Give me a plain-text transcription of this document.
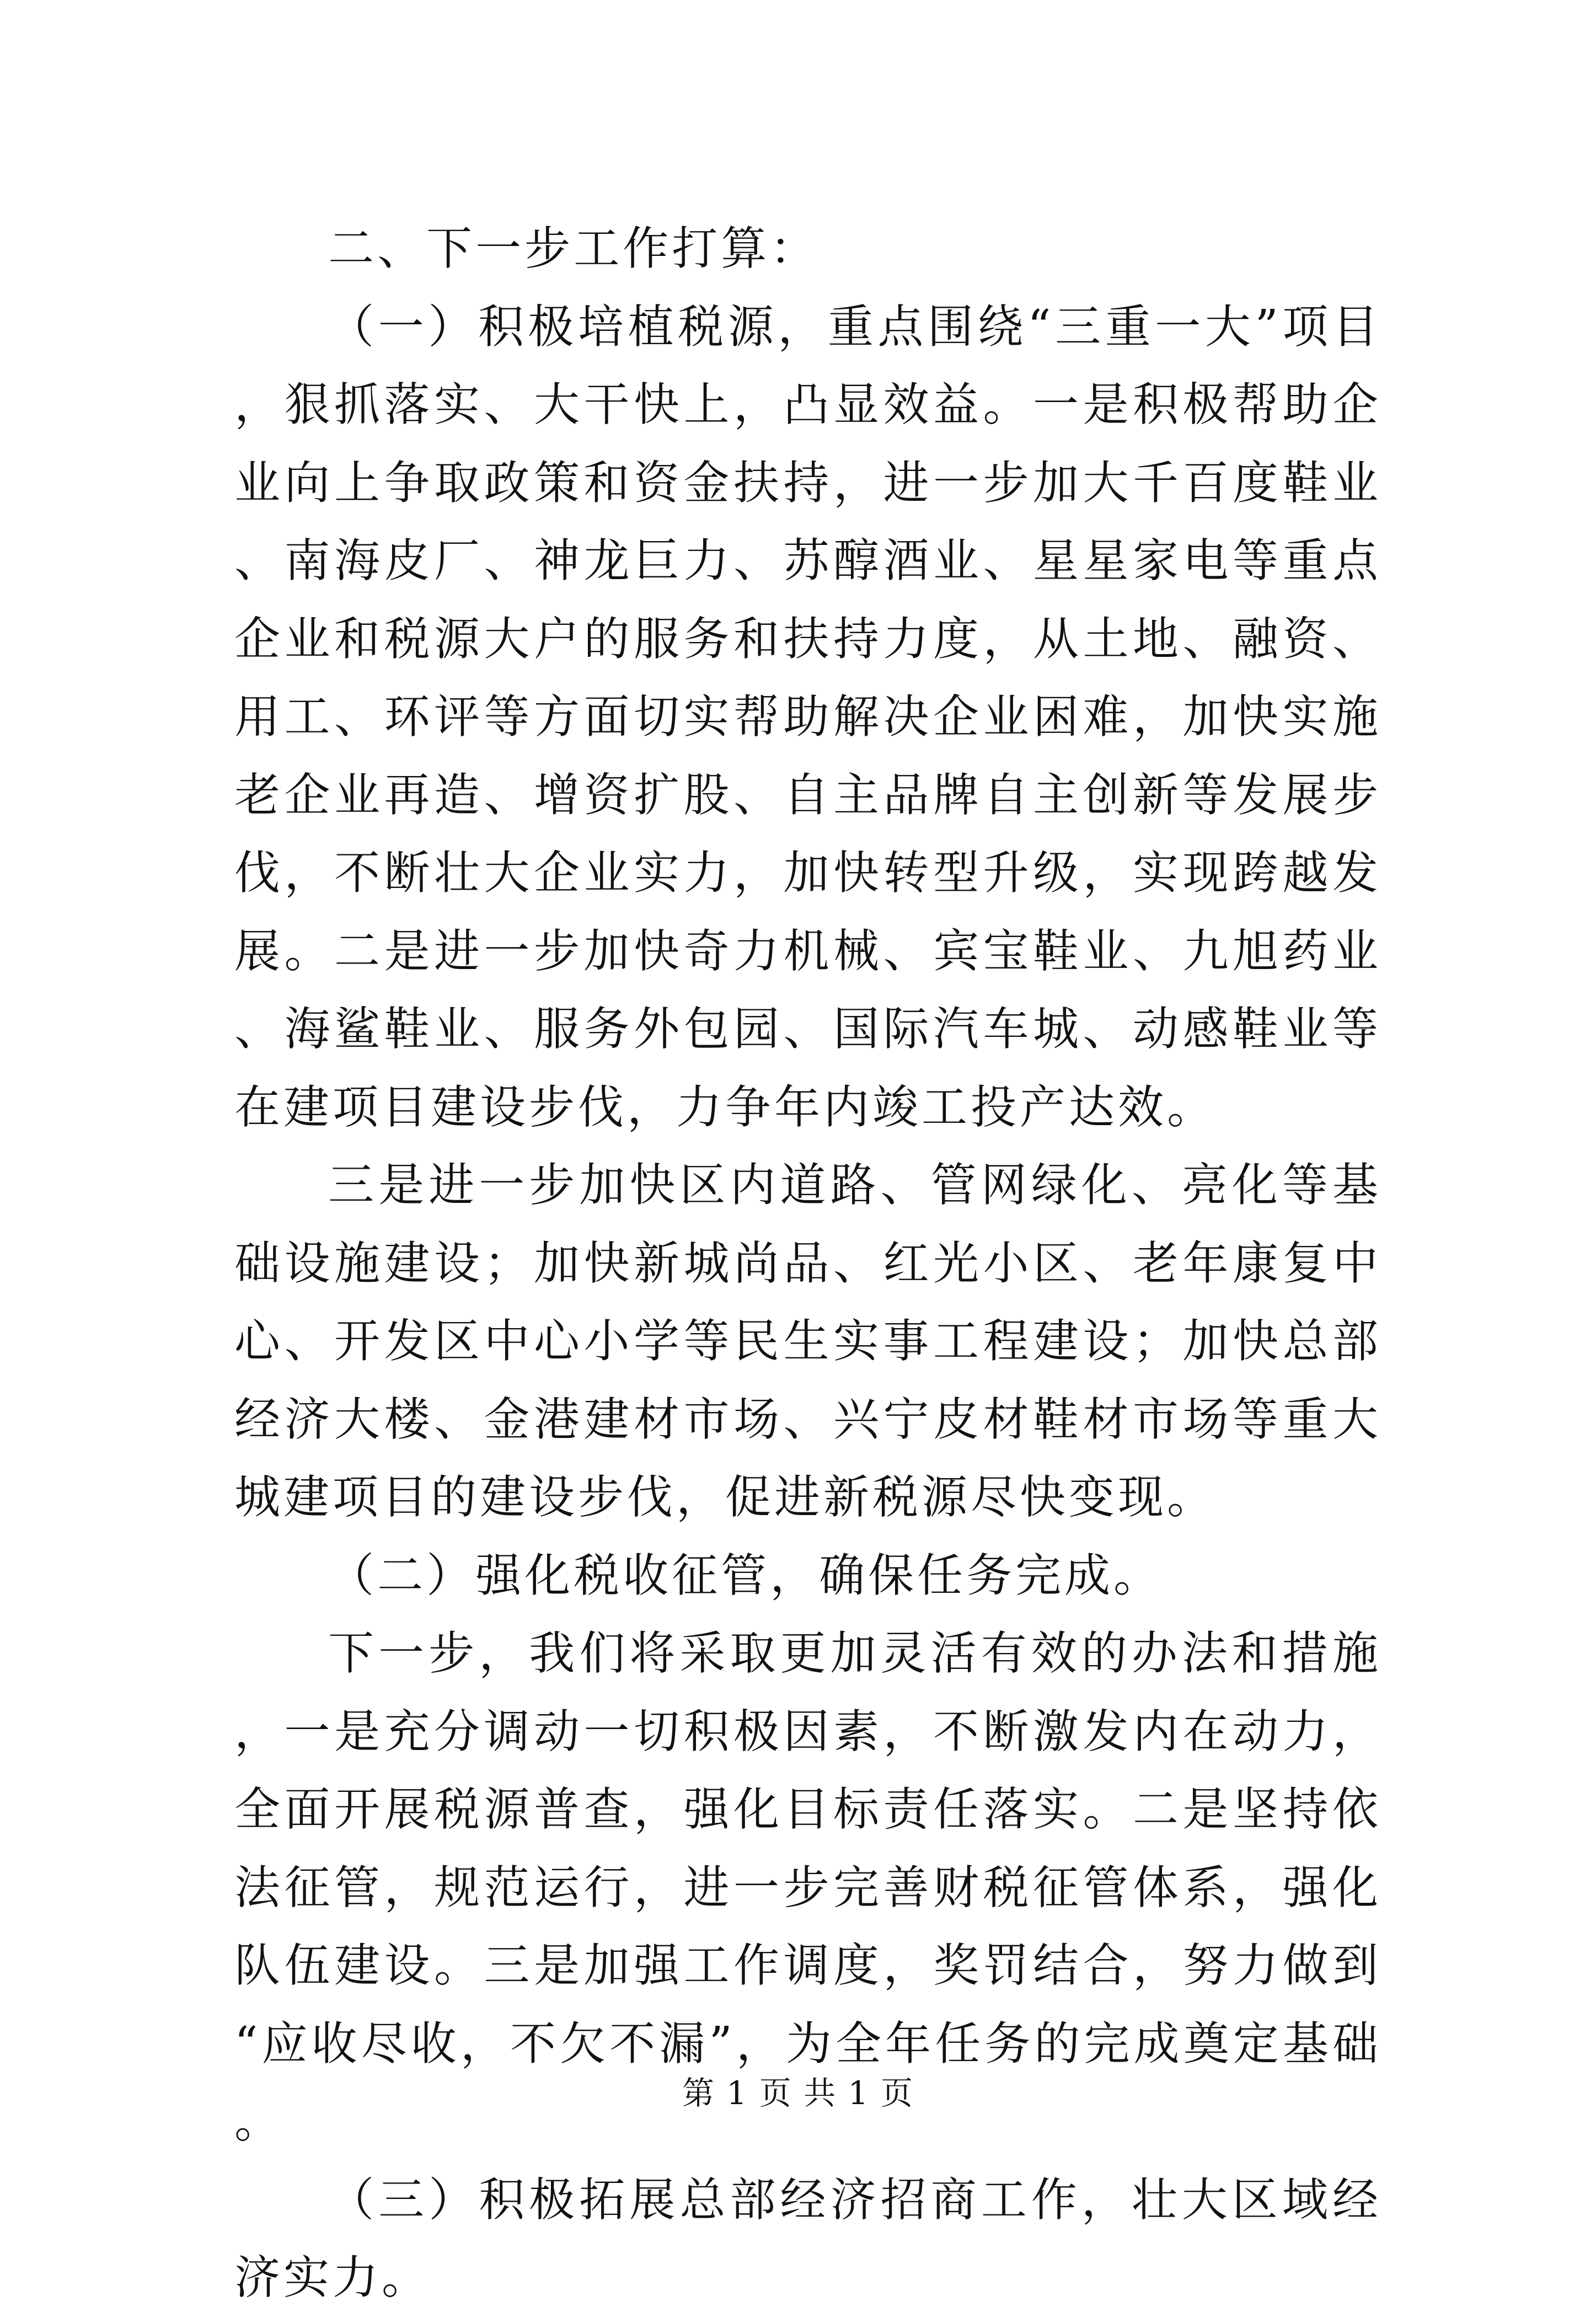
二、下一步工作打算：

（一）积极培植税源，重点围绕“三重一大”项目，狠抓落实、大干快上，凸显效益。一是积极帮助企业向上争取政策和资金扶持，进一步加大千百度鞋业、南海皮厂、神龙巨力、苏醇酒业、星星家电等重点企业和税源大户的服务和扶持力度，从土地、融资、用工、环评等方面切实帮助解决企业困难，加快实施老企业再造、增资扩股、自主品牌自主创新等发展步伐，不断壮大企业实力，加快转型升级，实现跨越发展。二是进一步加快奇力机械、宾宝鞋业、九旭药业、海鲨鞋业、服务外包园、国际汽车城、动感鞋业等在建项目建设步伐，力争年内竣工投产达效。

三是进一步加快区内道路、管网绿化、亮化等基础设施建设；加快新城尚品、红光小区、老年康复中心、开发区中心小学等民生实事工程建设；加快总部经济大楼、金港建材市场、兴宁皮材鞋材市场等重大城建项目的建设步伐，促进新税源尽快变现。

（二）强化税收征管，确保任务完成。

下一步，我们将采取更加灵活有效的办法和措施，一是充分调动一切积极因素，不断激发内在动力，全面开展税源普查，强化目标责任落实。二是坚持依法征管，规范运行，进一步完善财税征管体系，强化队伍建设。三是加强工作调度，奖罚结合，努力做到“应收尽收，不欠不漏”，为全年任务的完成奠定基础。

（三）积极拓展总部经济招商工作，壮大区域经济实力。

第 1 页 共 1 页
